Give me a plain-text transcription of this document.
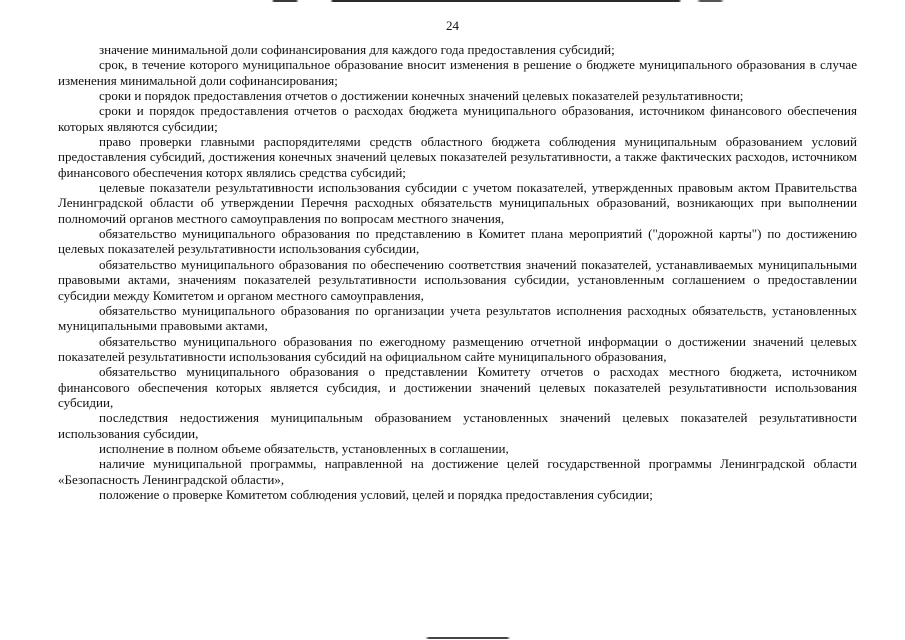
24

значение минимальной доли софинансирования для каждого года предоставления субсидий;

срок, в течение которого муниципальное образование вносит изменения в решение о бюджете муниципального образования в случае изменения минимальной доли софинансирования;

сроки и порядок предоставления отчетов о достижении конечных значений целевых показателей результативности;

сроки и порядок предоставления отчетов о расходах бюджета муниципального образования, источником финансового обеспечения которых являются субсидии;

право проверки главными распорядителями средств областного бюджета соблюдения муниципальным образованием условий предоставления субсидий, достижения конечных значений целевых показателей результативности, а также фактических расходов, источником финансового обеспечения которх являлись средства субсидий;

целевые показатели результативности использования субсидии с учетом показателей, утвержденных правовым актом Правительства Ленинградской области об утверждении Перечня расходных обязательств муниципальных образований, возникающих при выполнении полномочий органов местного самоуправления по вопросам местного значения,

обязательство муниципального образования по представлению в Комитет плана мероприятий ("дорожной карты") по достижению целевых показателей результативности использования субсидии,

обязательство муниципального образования по обеспечению соответствия значений показателей, устанавливаемых муниципальными правовыми актами, значениям показателей результативности использования субсидии, установленным соглашением о предоставлении субсидии между Комитетом и органом местного самоуправления,

обязательство муниципального образования по организации учета результатов исполнения расходных обязательств, установленных муниципальными правовыми актами,

обязательство муниципального образования по ежегодному размещению отчетной информации о достижении значений целевых показателей результативности использования субсидий на официальном сайте муниципального образования,

обязательство муниципального образования о представлении Комитету отчетов о расходах местного бюджета, источником финансового обеспечения которых является субсидия, и достижении значений целевых показателей результативности использования субсидии,

последствия недостижения муниципальным образованием установленных значений целевых показателей результативности использования субсидии,

исполнение в полном объеме обязательств, установленных в соглашении,

наличие муниципальной программы, направленной на достижение целей государственной программы Ленинградской области «Безопасность Ленинградской области»,

положение о проверке Комитетом соблюдения условий, целей и порядка предоставления субсидии;
